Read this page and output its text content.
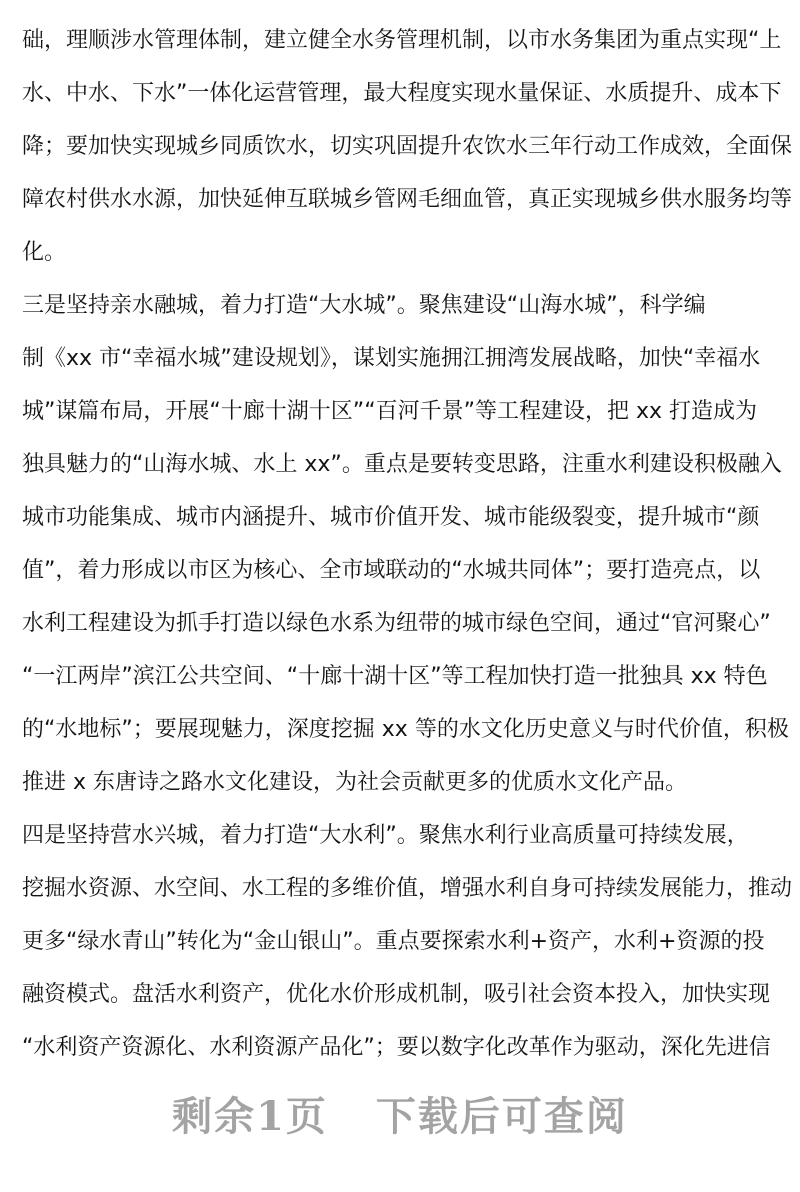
础，理顺涉水管理体制，建立健全水务管理机制，以市水务集团为重点实现“上
水、中水、下水”一体化运营管理，最大程度实现水量保证、水质提升、成本下
降；要加快实现城乡同质饮水，切实巩固提升农饮水三年行动工作成效，全面保
障农村供水水源，加快延伸互联城乡管网毛细血管，真正实现城乡供水服务均等
化。
三是坚持亲水融城，着力打造“大水城”。聚焦建设“山海水城”，科学编
制《xx 市“幸福水城”建设规划》，谋划实施拥江拥湾发展战略，加快“幸福水
城”谋篇布局，开展“十廊十湖十区”“百河千景”等工程建设，把 xx 打造成为
独具魅力的“山海水城、水上 xx”。重点是要转变思路，注重水利建设积极融入
城市功能集成、城市内涵提升、城市价值开发、城市能级裂变，提升城市“颜
值”，着力形成以市区为核心、全市域联动的“水城共同体”；要打造亮点，以
水利工程建设为抓手打造以绿色水系为纽带的城市绿色空间，通过“官河聚心”
“一江两岸”滨江公共空间、“十廊十湖十区”等工程加快打造一批独具 xx 特色
的“水地标”；要展现魅力，深度挖掘 xx 等的水文化历史意义与时代价值，积极
推进 x 东唐诗之路水文化建设，为社会贡献更多的优质水文化产品。
四是坚持营水兴城，着力打造“大水利”。聚焦水利行业高质量可持续发展，
挖掘水资源、水空间、水工程的多维价值，增强水利自身可持续发展能力，推动
更多“绿水青山”转化为“金山银山”。重点要探索水利+资产，水利+资源的投
融资模式。盘活水利资产，优化水价形成机制，吸引社会资本投入，加快实现
“水利资产资源化、水利资源产品化”；要以数字化改革作为驱动，深化先进信
剩余1页 下载后可查阅
